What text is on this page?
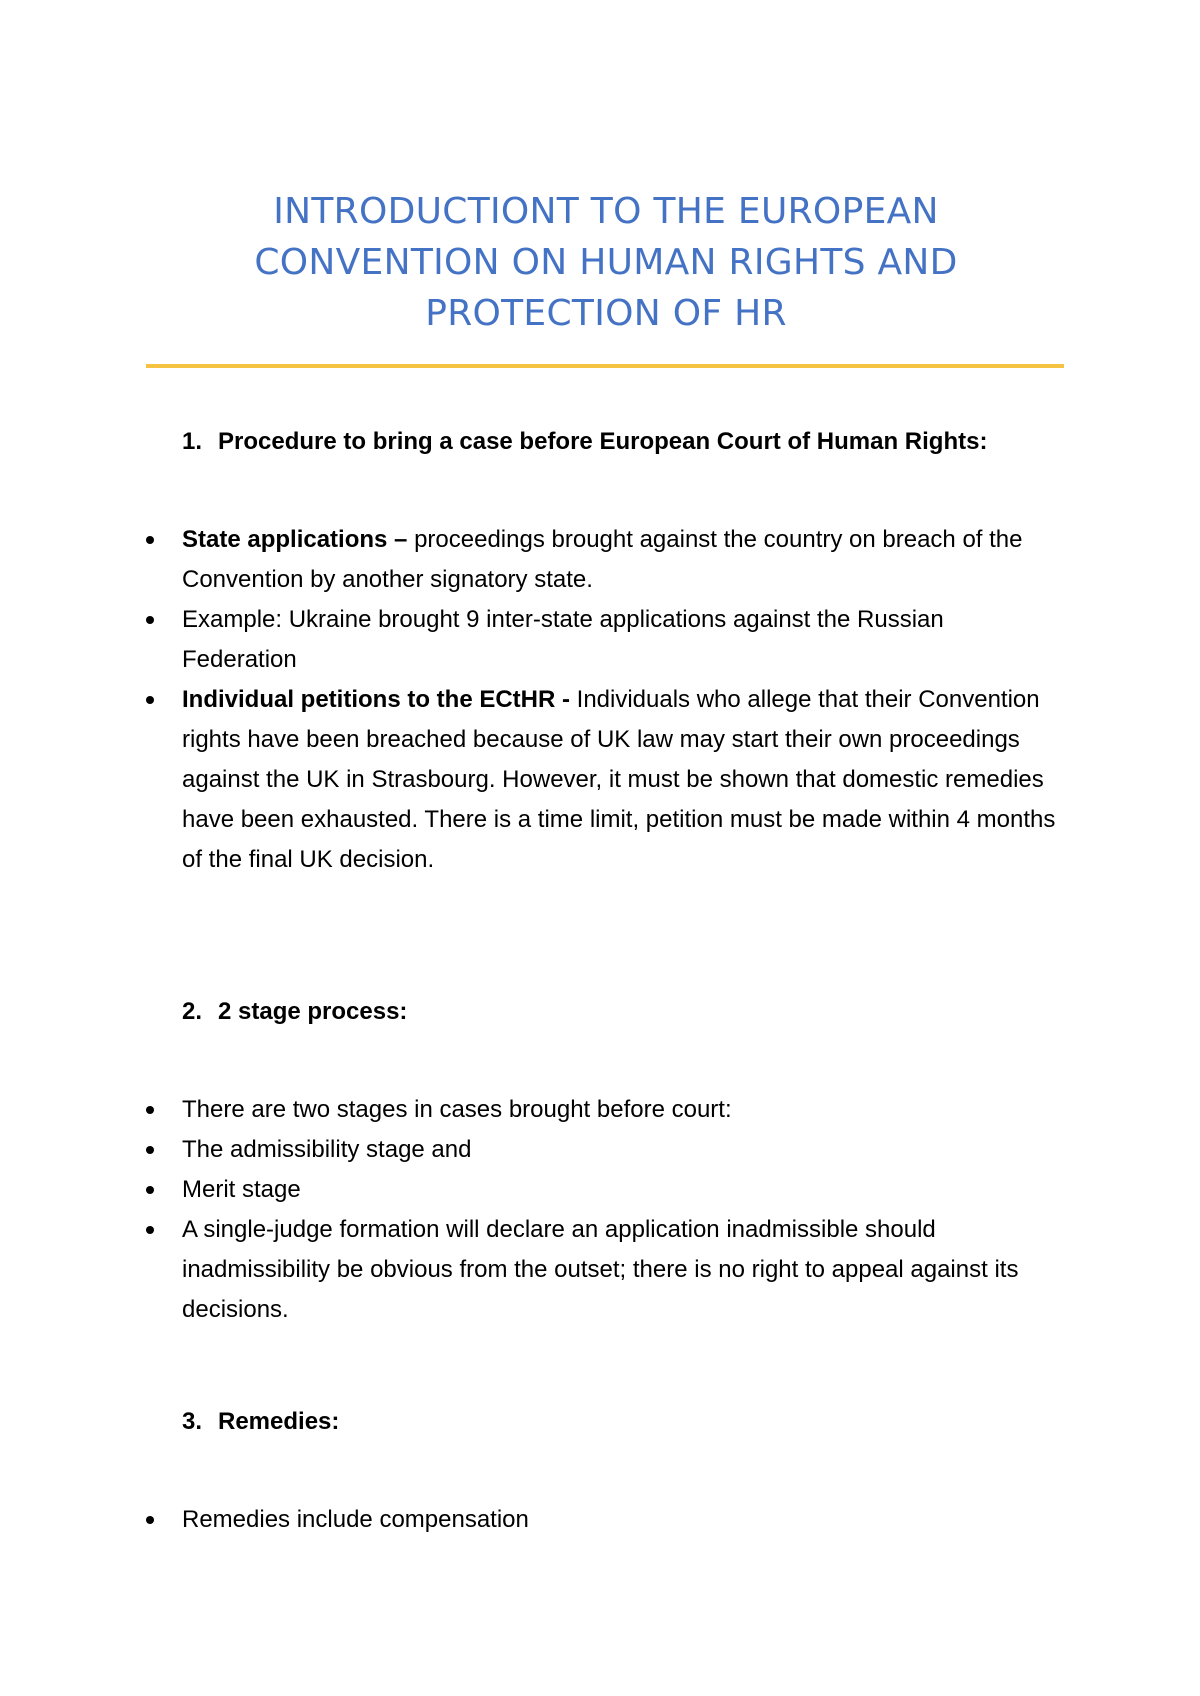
INTRODUCTIONT TO THE EUROPEAN
CONVENTION ON HUMAN RIGHTS AND
PROTECTION OF HR
1. Procedure to bring a case before European Court of Human Rights:
State applications – proceedings brought against the country on breach of the Convention by another signatory state.
Example: Ukraine brought 9 inter-state applications against the Russian Federation
Individual petitions to the ECtHR - Individuals who allege that their Convention rights have been breached because of UK law may start their own proceedings against the UK in Strasbourg. However, it must be shown that domestic remedies have been exhausted. There is a time limit, petition must be made within 4 months of the final UK decision.
2. 2 stage process:
There are two stages in cases brought before court:
The admissibility stage and
Merit stage
A single-judge formation will declare an application inadmissible should inadmissibility be obvious from the outset; there is no right to appeal against its decisions.
3. Remedies:
Remedies include compensation
